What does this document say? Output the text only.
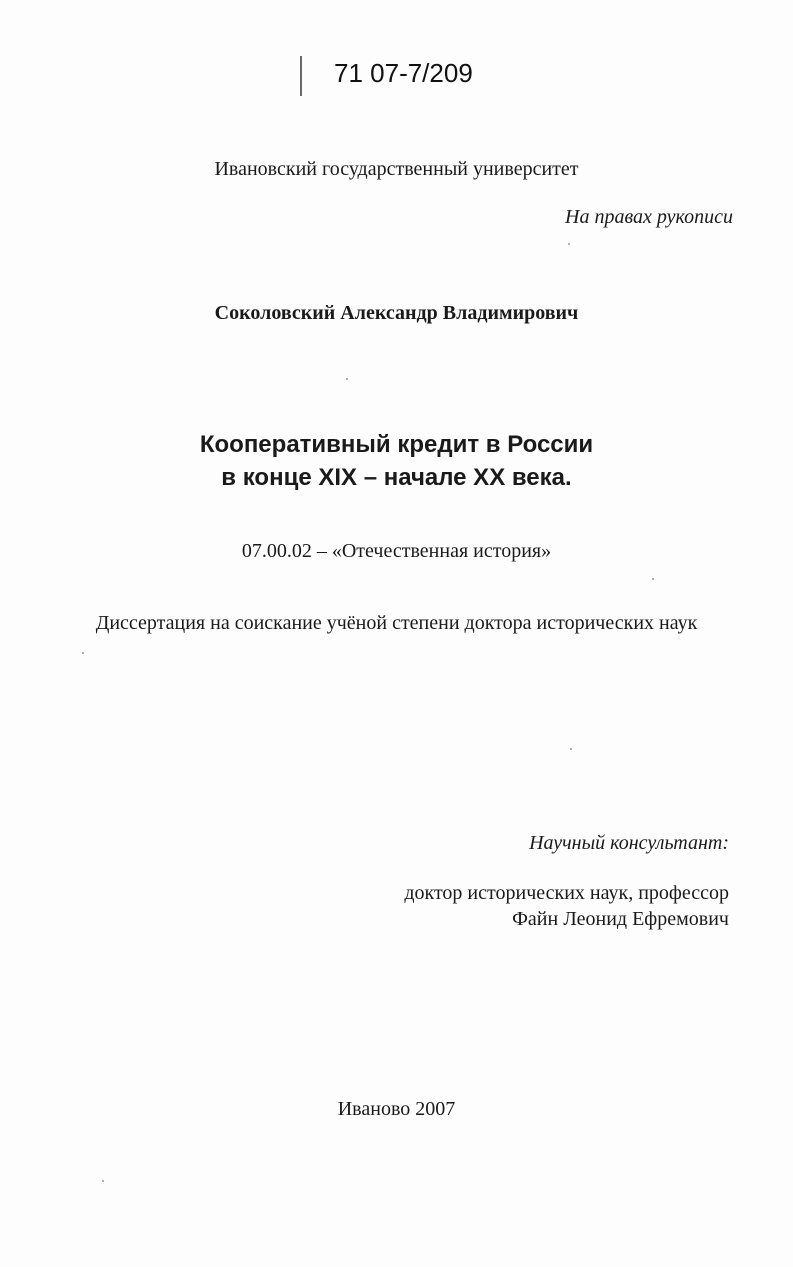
71 07-7/209
Ивановский государственный университет
На правах рукописи
Соколовский Александр Владимирович
Кооперативный кредит в России
в конце XIX – начале XX века.
07.00.02 – «Отечественная история»
Диссертация на соискание учёной степени доктора исторических наук
Научный консультант:
доктор исторических наук, профессор
Файн Леонид Ефремович
Иваново 2007
